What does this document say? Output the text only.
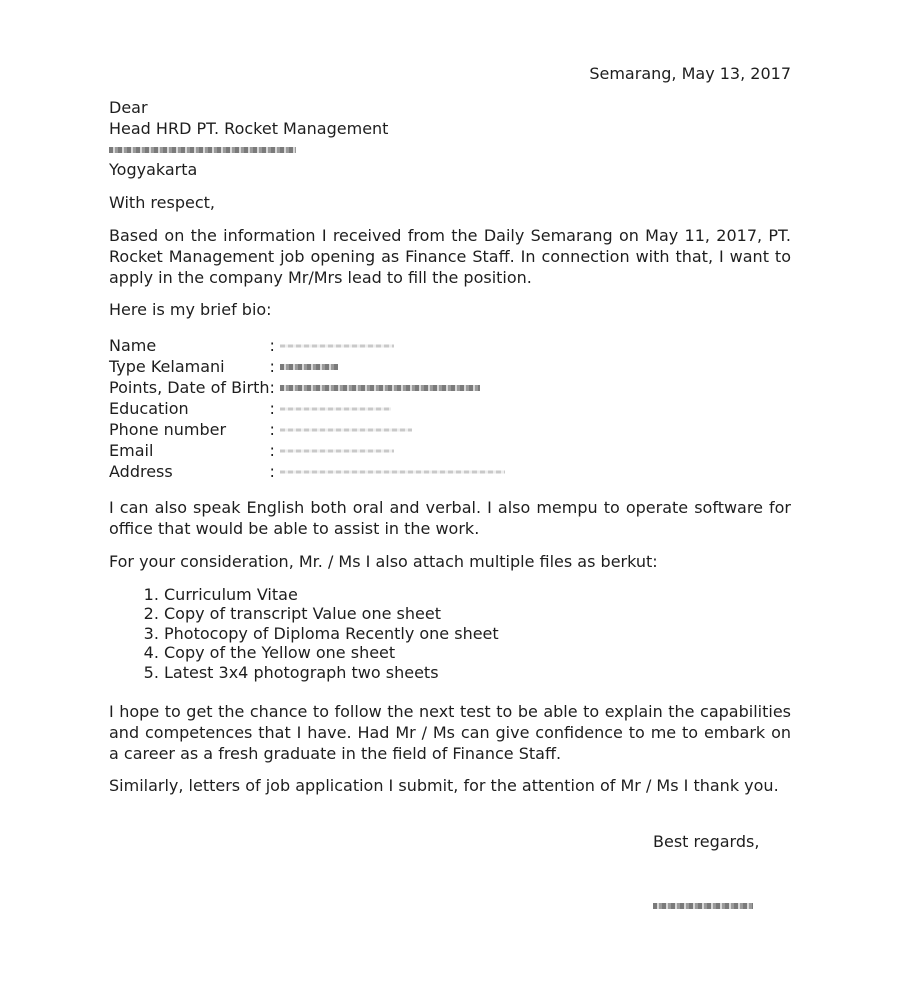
Semarang, May 13, 2017

Dear

Head HRD PT. Rocket Management

Yogyakarta

With respect,

Based on the information I received from the Daily Semarang on May 11, 2017, PT. Rocket Management job opening as Finance Staff. In connection with that, I want to apply in the company Mr/Mrs lead to fill the position.

Here is my brief bio:

Name	:
Type Kelamani	:
Points, Date of Birth	:
Education	:
Phone number	:
Email	:
Address	:

I can also speak English both oral and verbal. I also mempu to operate software for office that would be able to assist in the work.

For your consideration, Mr. / Ms I also attach multiple files as berkut:

1. Curriculum Vitae
2. Copy of transcript Value one sheet
3. Photocopy of Diploma Recently one sheet
4. Copy of the Yellow one sheet
5. Latest 3x4 photograph two sheets

I hope to get the chance to follow the next test to be able to explain the capabilities and competences that I have. Had Mr / Ms can give confidence to me to embark on a career as a fresh graduate in the field of Finance Staff.

Similarly, letters of job application I submit, for the attention of Mr / Ms I thank you.

Best regards,
